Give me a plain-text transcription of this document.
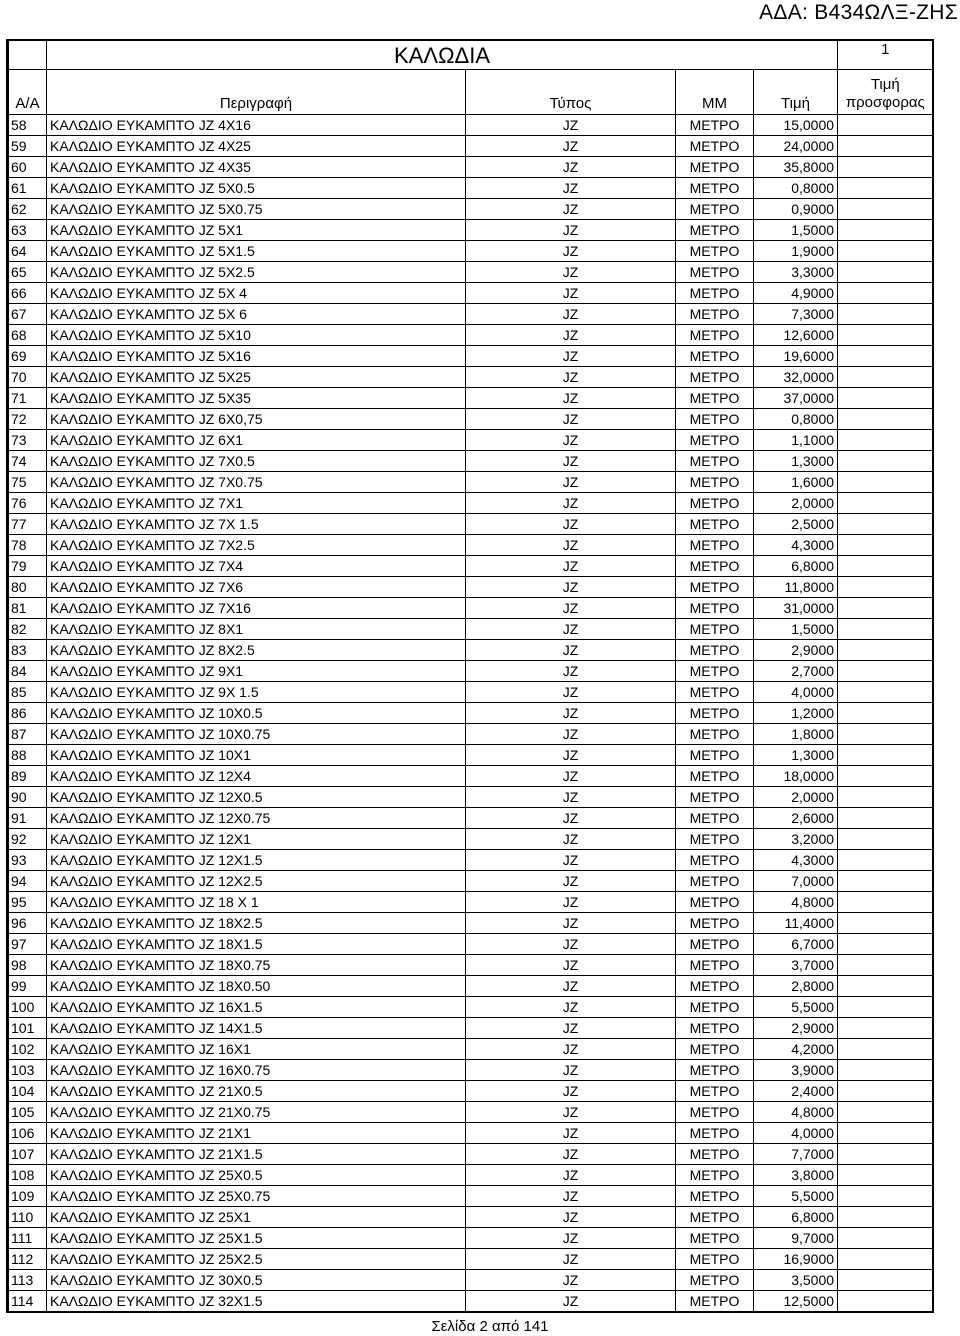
ΑΔΑ: Β434ΩΛΞ-ΖΗΣ
	ΚΑΛΩΔΙΑ				1
Α/Α	Περιγραφή	Τύπος	ΜΜ	Τιμή	Τιμή προσφορας
58	ΚΑΛΩΔΙΟ ΕΥΚΑΜΠΤΟ JZ 4Χ16	JZ	ΜΕΤΡΟ	15,0000	
59	ΚΑΛΩΔΙΟ ΕΥΚΑΜΠΤΟ JZ 4Χ25	JZ	ΜΕΤΡΟ	24,0000	
60	ΚΑΛΩΔΙΟ ΕΥΚΑΜΠΤΟ JZ 4Χ35	JZ	ΜΕΤΡΟ	35,8000	
61	ΚΑΛΩΔΙΟ ΕΥΚΑΜΠΤΟ JZ 5Χ0.5	JZ	ΜΕΤΡΟ	0,8000	
62	ΚΑΛΩΔΙΟ ΕΥΚΑΜΠΤΟ JZ 5Χ0.75	JZ	ΜΕΤΡΟ	0,9000	
63	ΚΑΛΩΔΙΟ ΕΥΚΑΜΠΤΟ JZ 5Χ1	JZ	ΜΕΤΡΟ	1,5000	
64	ΚΑΛΩΔΙΟ ΕΥΚΑΜΠΤΟ JZ 5Χ1.5	JZ	ΜΕΤΡΟ	1,9000	
65	ΚΑΛΩΔΙΟ ΕΥΚΑΜΠΤΟ JZ 5Χ2.5	JZ	ΜΕΤΡΟ	3,3000	
66	ΚΑΛΩΔΙΟ ΕΥΚΑΜΠΤΟ JZ 5Χ 4	JZ	ΜΕΤΡΟ	4,9000	
67	ΚΑΛΩΔΙΟ ΕΥΚΑΜΠΤΟ JZ 5Χ 6	JZ	ΜΕΤΡΟ	7,3000	
68	ΚΑΛΩΔΙΟ ΕΥΚΑΜΠΤΟ JZ 5Χ10	JZ	ΜΕΤΡΟ	12,6000	
69	ΚΑΛΩΔΙΟ ΕΥΚΑΜΠΤΟ JZ 5Χ16	JZ	ΜΕΤΡΟ	19,6000	
70	ΚΑΛΩΔΙΟ ΕΥΚΑΜΠΤΟ JZ 5Χ25	JZ	ΜΕΤΡΟ	32,0000	
71	ΚΑΛΩΔΙΟ ΕΥΚΑΜΠΤΟ JZ 5Χ35	JZ	ΜΕΤΡΟ	37,0000	
72	ΚΑΛΩΔΙΟ ΕΥΚΑΜΠΤΟ JZ 6Χ0,75	JZ	ΜΕΤΡΟ	0,8000	
73	ΚΑΛΩΔΙΟ ΕΥΚΑΜΠΤΟ JZ 6Χ1	JZ	ΜΕΤΡΟ	1,1000	
74	ΚΑΛΩΔΙΟ ΕΥΚΑΜΠΤΟ JZ 7Χ0.5	JZ	ΜΕΤΡΟ	1,3000	
75	ΚΑΛΩΔΙΟ ΕΥΚΑΜΠΤΟ JZ 7Χ0.75	JZ	ΜΕΤΡΟ	1,6000	
76	ΚΑΛΩΔΙΟ ΕΥΚΑΜΠΤΟ JZ 7Χ1	JZ	ΜΕΤΡΟ	2,0000	
77	ΚΑΛΩΔΙΟ ΕΥΚΑΜΠΤΟ JZ 7Χ 1.5	JZ	ΜΕΤΡΟ	2,5000	
78	ΚΑΛΩΔΙΟ ΕΥΚΑΜΠΤΟ JZ 7Χ2.5	JZ	ΜΕΤΡΟ	4,3000	
79	ΚΑΛΩΔΙΟ ΕΥΚΑΜΠΤΟ JZ 7Χ4	JZ	ΜΕΤΡΟ	6,8000	
80	ΚΑΛΩΔΙΟ ΕΥΚΑΜΠΤΟ JZ 7Χ6	JZ	ΜΕΤΡΟ	11,8000	
81	ΚΑΛΩΔΙΟ ΕΥΚΑΜΠΤΟ JZ 7Χ16	JZ	ΜΕΤΡΟ	31,0000	
82	ΚΑΛΩΔΙΟ ΕΥΚΑΜΠΤΟ JZ 8Χ1	JZ	ΜΕΤΡΟ	1,5000	
83	ΚΑΛΩΔΙΟ ΕΥΚΑΜΠΤΟ JZ 8Χ2.5	JZ	ΜΕΤΡΟ	2,9000	
84	ΚΑΛΩΔΙΟ ΕΥΚΑΜΠΤΟ JZ 9Χ1	JZ	ΜΕΤΡΟ	2,7000	
85	ΚΑΛΩΔΙΟ ΕΥΚΑΜΠΤΟ JZ 9Χ 1.5	JZ	ΜΕΤΡΟ	4,0000	
86	ΚΑΛΩΔΙΟ ΕΥΚΑΜΠΤΟ JZ 10Χ0.5	JZ	ΜΕΤΡΟ	1,2000	
87	ΚΑΛΩΔΙΟ ΕΥΚΑΜΠΤΟ JZ 10Χ0.75	JZ	ΜΕΤΡΟ	1,8000	
88	ΚΑΛΩΔΙΟ ΕΥΚΑΜΠΤΟ JZ 10Χ1	JZ	ΜΕΤΡΟ	1,3000	
89	ΚΑΛΩΔΙΟ ΕΥΚΑΜΠΤΟ JZ 12Χ4	JZ	ΜΕΤΡΟ	18,0000	
90	ΚΑΛΩΔΙΟ ΕΥΚΑΜΠΤΟ JZ 12Χ0.5	JZ	ΜΕΤΡΟ	2,0000	
91	ΚΑΛΩΔΙΟ ΕΥΚΑΜΠΤΟ JZ 12Χ0.75	JZ	ΜΕΤΡΟ	2,6000	
92	ΚΑΛΩΔΙΟ ΕΥΚΑΜΠΤΟ JZ 12Χ1	JZ	ΜΕΤΡΟ	3,2000	
93	ΚΑΛΩΔΙΟ ΕΥΚΑΜΠΤΟ JZ 12Χ1.5	JZ	ΜΕΤΡΟ	4,3000	
94	ΚΑΛΩΔΙΟ ΕΥΚΑΜΠΤΟ JZ 12Χ2.5	JZ	ΜΕΤΡΟ	7,0000	
95	ΚΑΛΩΔΙΟ ΕΥΚΑΜΠΤΟ JZ 18 Χ 1	JZ	ΜΕΤΡΟ	4,8000	
96	ΚΑΛΩΔΙΟ ΕΥΚΑΜΠΤΟ JZ 18Χ2.5	JZ	ΜΕΤΡΟ	11,4000	
97	ΚΑΛΩΔΙΟ ΕΥΚΑΜΠΤΟ JZ 18Χ1.5	JZ	ΜΕΤΡΟ	6,7000	
98	ΚΑΛΩΔΙΟ ΕΥΚΑΜΠΤΟ JZ 18Χ0.75	JZ	ΜΕΤΡΟ	3,7000	
99	ΚΑΛΩΔΙΟ ΕΥΚΑΜΠΤΟ JZ 18Χ0.50	JZ	ΜΕΤΡΟ	2,8000	
100	ΚΑΛΩΔΙΟ ΕΥΚΑΜΠΤΟ JZ 16Χ1.5	JZ	ΜΕΤΡΟ	5,5000	
101	ΚΑΛΩΔΙΟ ΕΥΚΑΜΠΤΟ JZ 14Χ1.5	JZ	ΜΕΤΡΟ	2,9000	
102	ΚΑΛΩΔΙΟ ΕΥΚΑΜΠΤΟ JZ 16Χ1	JZ	ΜΕΤΡΟ	4,2000	
103	ΚΑΛΩΔΙΟ ΕΥΚΑΜΠΤΟ JZ 16Χ0.75	JZ	ΜΕΤΡΟ	3,9000	
104	ΚΑΛΩΔΙΟ ΕΥΚΑΜΠΤΟ JZ 21Χ0.5	JZ	ΜΕΤΡΟ	2,4000	
105	ΚΑΛΩΔΙΟ ΕΥΚΑΜΠΤΟ JZ 21Χ0.75	JZ	ΜΕΤΡΟ	4,8000	
106	ΚΑΛΩΔΙΟ ΕΥΚΑΜΠΤΟ JZ 21Χ1	JZ	ΜΕΤΡΟ	4,0000	
107	ΚΑΛΩΔΙΟ ΕΥΚΑΜΠΤΟ JZ 21Χ1.5	JZ	ΜΕΤΡΟ	7,7000	
108	ΚΑΛΩΔΙΟ ΕΥΚΑΜΠΤΟ JZ 25Χ0.5	JZ	ΜΕΤΡΟ	3,8000	
109	ΚΑΛΩΔΙΟ ΕΥΚΑΜΠΤΟ JZ 25Χ0.75	JZ	ΜΕΤΡΟ	5,5000	
110	ΚΑΛΩΔΙΟ ΕΥΚΑΜΠΤΟ JZ 25Χ1	JZ	ΜΕΤΡΟ	6,8000	
111	ΚΑΛΩΔΙΟ ΕΥΚΑΜΠΤΟ JZ 25Χ1.5	JZ	ΜΕΤΡΟ	9,7000	
112	ΚΑΛΩΔΙΟ ΕΥΚΑΜΠΤΟ JZ 25Χ2.5	JZ	ΜΕΤΡΟ	16,9000	
113	ΚΑΛΩΔΙΟ ΕΥΚΑΜΠΤΟ JZ 30Χ0.5	JZ	ΜΕΤΡΟ	3,5000	
114	ΚΑΛΩΔΙΟ ΕΥΚΑΜΠΤΟ JZ 32Χ1.5	JZ	ΜΕΤΡΟ	12,5000	
Σελίδα 2 από 141
